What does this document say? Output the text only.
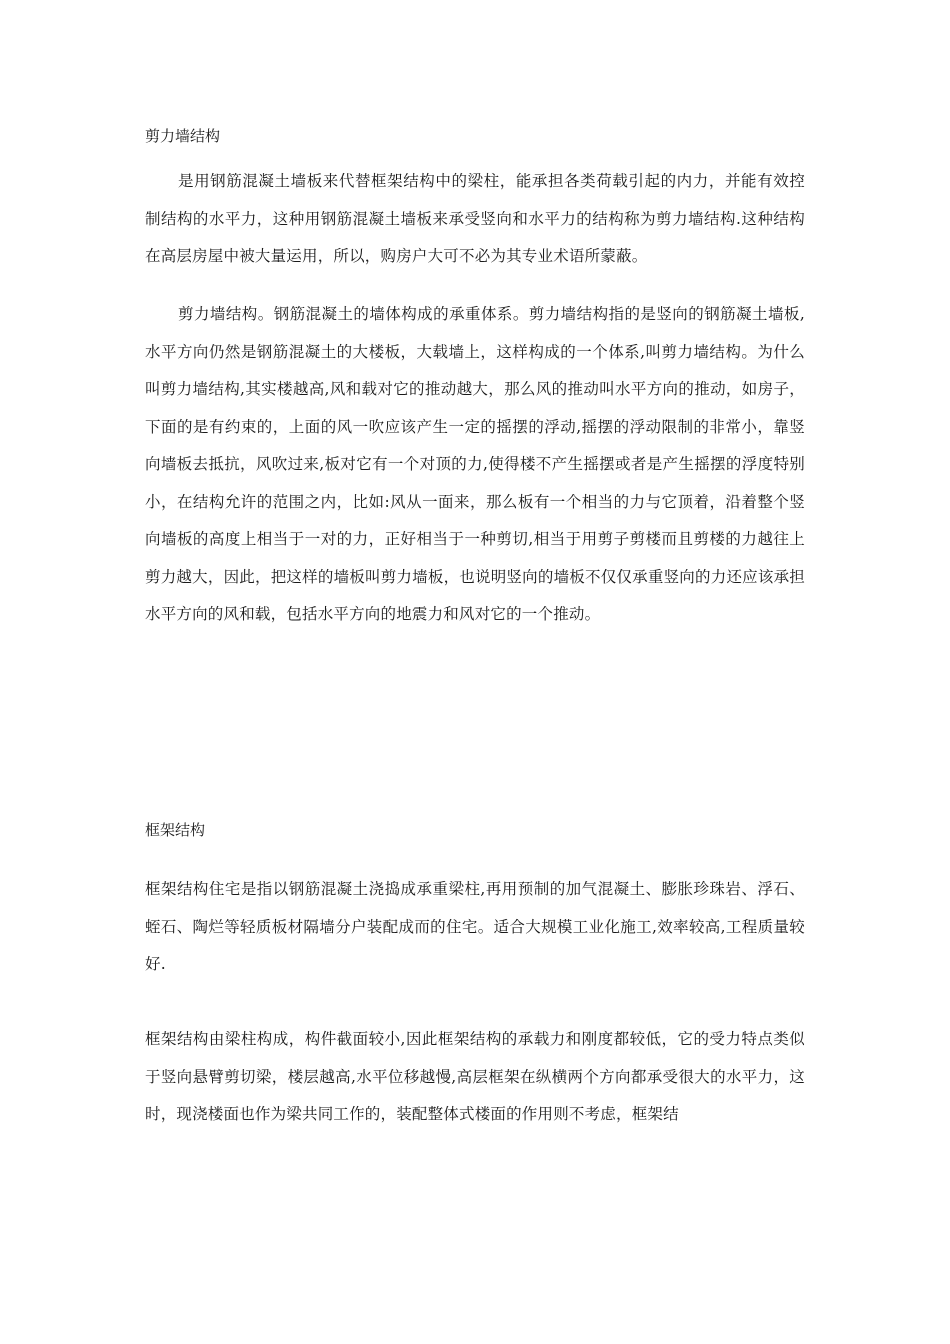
剪力墙结构

是用钢筋混凝土墙板来代替框架结构中的梁柱，能承担各类荷载引起的内力，并能有效控制结构的水平力，这种用钢筋混凝土墙板来承受竖向和水平力的结构称为剪力墙结构.这种结构在高层房屋中被大量运用，所以，购房户大可不必为其专业术语所蒙蔽。

剪力墙结构。钢筋混凝土的墙体构成的承重体系。剪力墙结构指的是竖向的钢筋凝土墙板,水平方向仍然是钢筋混凝土的大楼板，大载墙上，这样构成的一个体系,叫剪力墙结构。为什么叫剪力墙结构,其实楼越高,风和载对它的推动越大，那么风的推动叫水平方向的推动，如房子，下面的是有约束的，上面的风一吹应该产生一定的摇摆的浮动,摇摆的浮动限制的非常小，靠竖向墙板去抵抗，风吹过来,板对它有一个对顶的力,使得楼不产生摇摆或者是产生摇摆的浮度特别小，在结构允许的范围之内，比如:风从一面来，那么板有一个相当的力与它顶着，沿着整个竖向墙板的高度上相当于一对的力，正好相当于一种剪切,相当于用剪子剪楼而且剪楼的力越往上剪力越大，因此，把这样的墙板叫剪力墙板，也说明竖向的墙板不仅仅承重竖向的力还应该承担水平方向的风和载，包括水平方向的地震力和风对它的一个推动。

框架结构

框架结构住宅是指以钢筋混凝土浇捣成承重梁柱,再用预制的加气混凝土、膨胀珍珠岩、浮石、蛭石、陶烂等轻质板材隔墙分户装配成而的住宅。适合大规模工业化施工,效率较高,工程质量较好.

框架结构由梁柱构成，构件截面较小,因此框架结构的承载力和刚度都较低，它的受力特点类似于竖向悬臂剪切梁，楼层越高,水平位移越慢,高层框架在纵横两个方向都承受很大的水平力，这时，现浇楼面也作为梁共同工作的，装配整体式楼面的作用则不考虑，框架结
